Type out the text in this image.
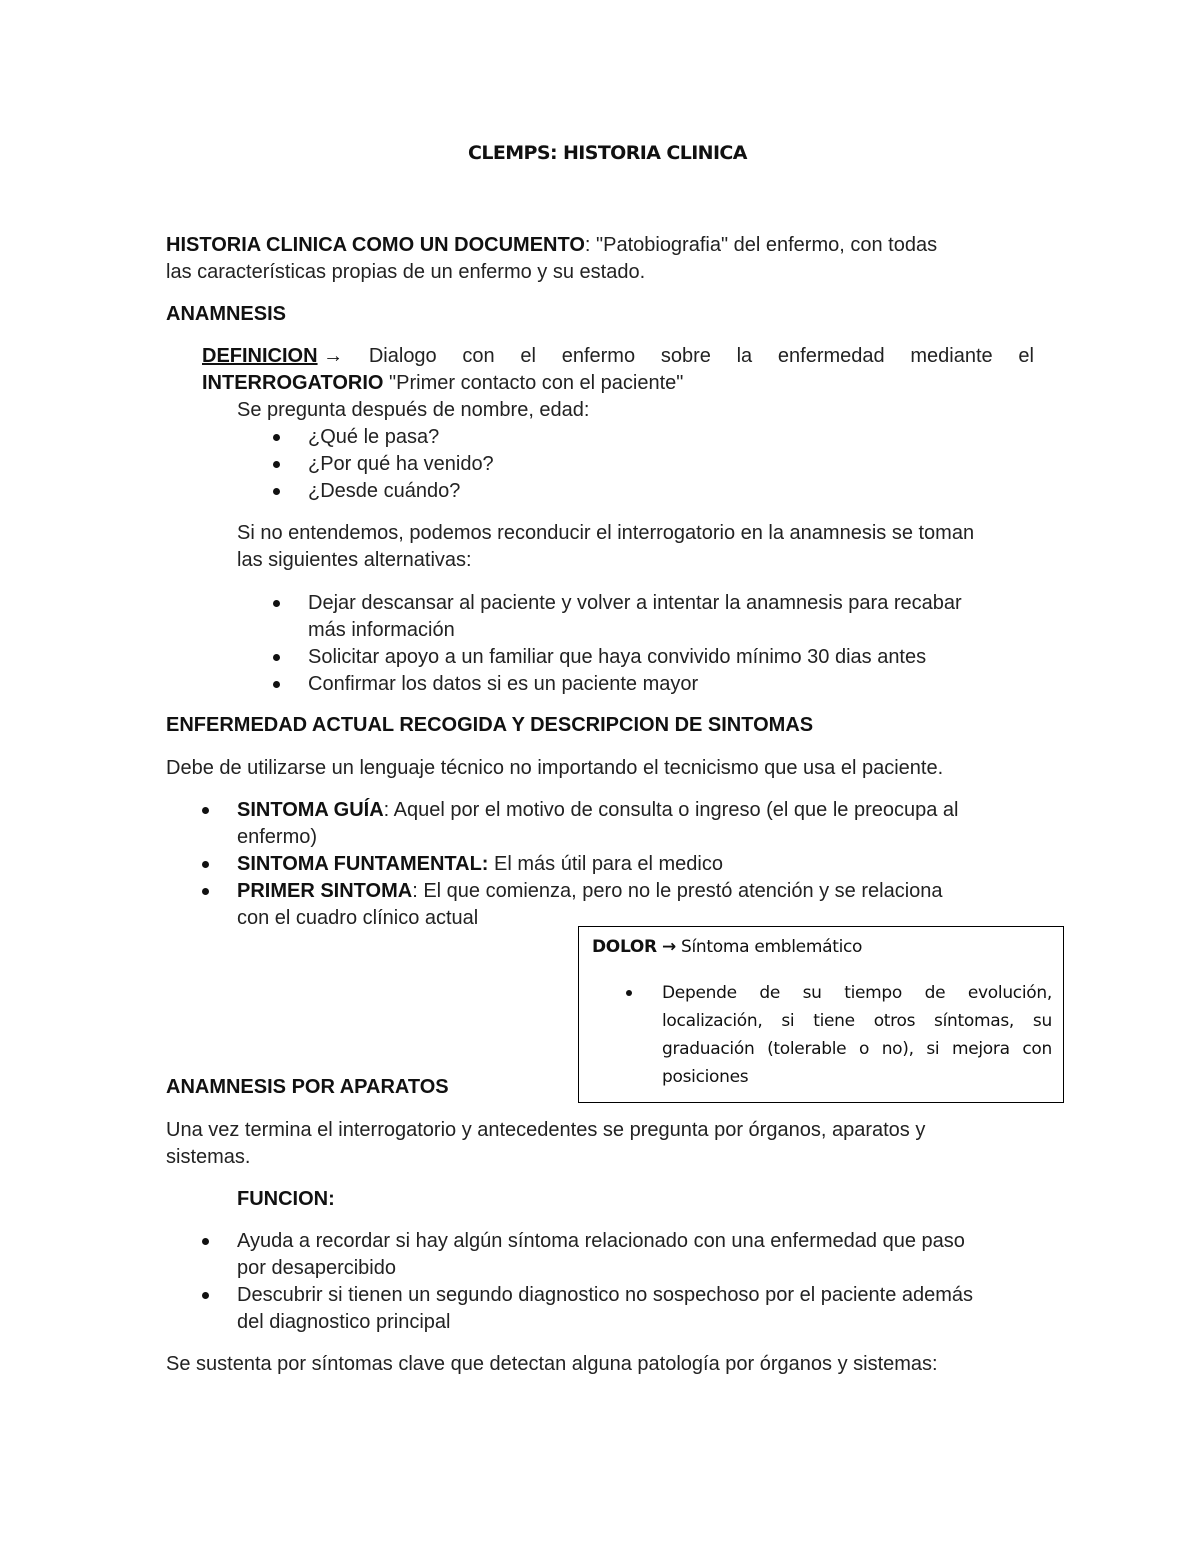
CLEMPS: HISTORIA CLINICA
HISTORIA CLINICA COMO UN DOCUMENTO: "Patobiografia" del enfermo, con todas
las características propias de un enfermo y su estado.
ANAMNESIS
DEFINICION → Dialogo con el enfermo sobre la enfermedad mediante el
INTERROGATORIO "Primer contacto con el paciente"
Se pregunta después de nombre, edad:
¿Qué le pasa?
¿Por qué ha venido?
¿Desde cuándo?
Si no entendemos, podemos reconducir el interrogatorio en la anamnesis se toman
las siguientes alternativas:
Dejar descansar al paciente y volver a intentar la anamnesis para recabar
más información
Solicitar apoyo a un familiar que haya convivido mínimo 30 dias antes
Confirmar los datos si es un paciente mayor
ENFERMEDAD ACTUAL RECOGIDA Y DESCRIPCION DE SINTOMAS
Debe de utilizarse un lenguaje técnico no importando el tecnicismo que usa el paciente.
SINTOMA GUÍA: Aquel por el motivo de consulta o ingreso (el que le preocupa al
enfermo)
SINTOMA FUNTAMENTAL: El más útil para el medico
PRIMER SINTOMA: El que comienza, pero no le prestó atención y se relaciona
con el cuadro clínico actual
DOLOR → Síntoma emblemático
Depende de su tiempo de evolución,
localización, si tiene otros síntomas, su
graduación (tolerable o no), si mejora con
posiciones
ANAMNESIS POR APARATOS
Una vez termina el interrogatorio y antecedentes se pregunta por órganos, aparatos y
sistemas.
FUNCION:
Ayuda a recordar si hay algún síntoma relacionado con una enfermedad que paso
por desapercibido
Descubrir si tienen un segundo diagnostico no sospechoso por el paciente además
del diagnostico principal
Se sustenta por síntomas clave que detectan alguna patología por órganos y sistemas:
